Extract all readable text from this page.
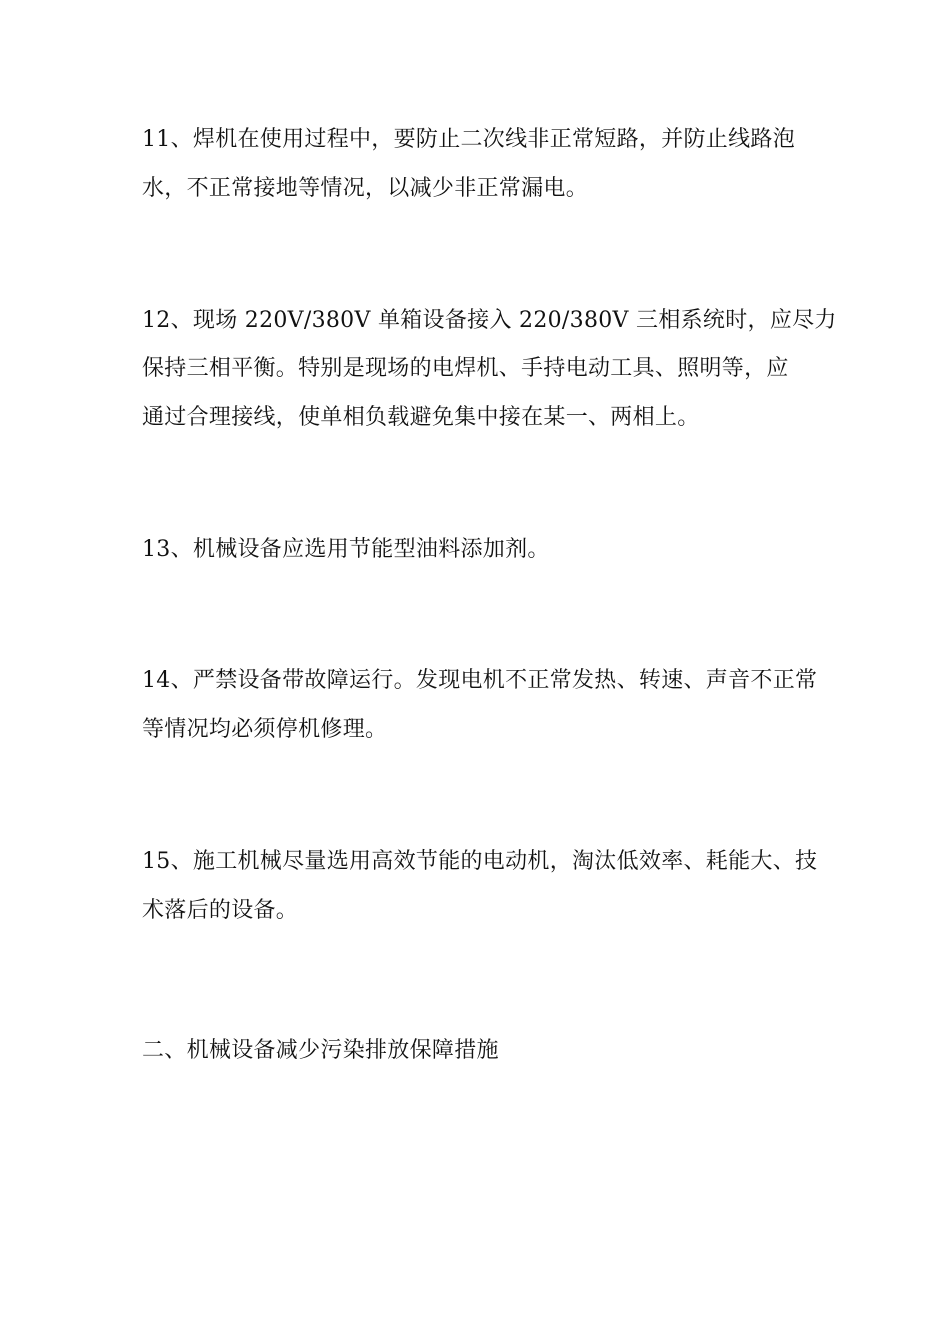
11、焊机在使用过程中，要防止二次线非正常短路，并防止线路泡
水，不正常接地等情况，以减少非正常漏电。
12、现场 220V/380V 单箱设备接入 220/380V 三相系统时，应尽力
保持三相平衡。特别是现场的电焊机、手持电动工具、照明等，应
通过合理接线，使单相负载避免集中接在某一、两相上。
13、机械设备应选用节能型油料添加剂。
14、严禁设备带故障运行。发现电机不正常发热、转速、声音不正常
等情况均必须停机修理。
15、施工机械尽量选用高效节能的电动机，淘汰低效率、耗能大、技
术落后的设备。
二、机械设备减少污染排放保障措施
